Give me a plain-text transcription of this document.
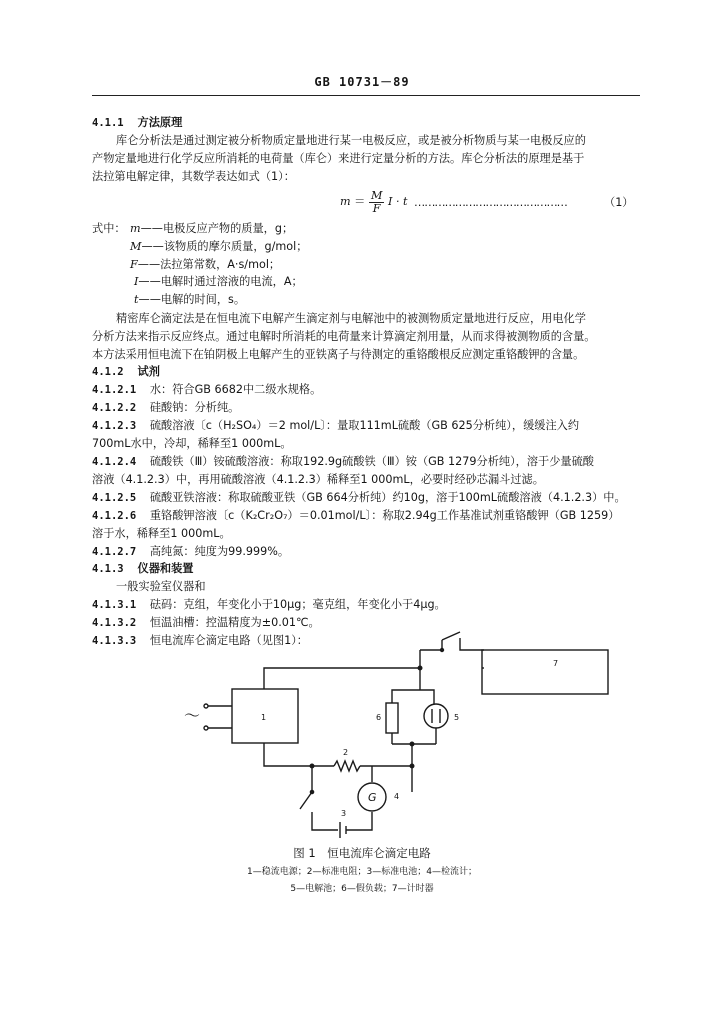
GB 10731－89
4.1.1 方法原理
库仑分析法是通过测定被分析物质定量地进行某一电极反应，或是被分析物质与某一电极反应的
产物定量地进行化学反应所消耗的电荷量（库仑）来进行定量分析的方法。库仑分析法的原理是基于
法拉第电解定律，其数学表达如式（1）：
$m = \frac{M}{F}$ I · t ………………………………………	（1）
式中： m——电极反应产物的质量，g；
M——该物质的摩尔质量，g/mol；
F——法拉第常数，A·s/mol；
I——电解时通过溶液的电流，A；
t——电解的时间，s。
精密库仑滴定法是在恒电流下电解产生滴定剂与电解池中的被测物质定量地进行反应，用电化学
分析方法来指示反应终点。通过电解时所消耗的电荷量来计算滴定剂用量，从而求得被测物质的含量。
本方法采用恒电流下在铂阴极上电解产生的亚铁离子与待测定的重铬酸根反应测定重铬酸钾的含量。
4.1.2 试剂
4.1.2.1 水：符合GB 6682中二级水规格。
4.1.2.2 硅酸钠：分析纯。
4.1.2.3 硫酸溶液〔c（H₂SO₄）＝2 mol/L〕：量取111mL硫酸（GB 625分析纯），缓缓注入约
700mL水中，冷却，稀释至1 000mL。
4.1.2.4 硫酸铁（Ⅲ）铵硫酸溶液：称取192.9g硫酸铁（Ⅲ）铵（GB 1279分析纯），溶于少量硫酸
溶液（4.1.2.3）中，再用硫酸溶液（4.1.2.3）稀释至1 000mL，必要时经砂芯漏斗过滤。
4.1.2.5 硫酸亚铁溶液：称取硫酸亚铁（GB 664分析纯）约10g，溶于100mL硫酸溶液（4.1.2.3）中。
4.1.2.6 重铬酸钾溶液〔c（K₂Cr₂O₇）＝0.01mol/L〕：称取2.94g工作基准试剂重铬酸钾（GB 1259）
溶于水，稀释至1 000mL。
4.1.2.7 高纯氮：纯度为99.999%。
4.1.3 仪器和装置
一般实验室仪器和
4.1.3.1 砝码：克组，年变化小于10μg；毫克组，年变化小于4μg。
4.1.3.2 恒温油槽：控温精度为±0.01℃。
4.1.3.3 恒电流库仑滴定电路（见图1）：
～	1
2
3
4
5
6
7
G
图 1　恒电流库仑滴定电路
1—稳流电源；2—标准电阻；3—标准电池；4—检流计；
5—电解池；6—假负载；7—计时器
